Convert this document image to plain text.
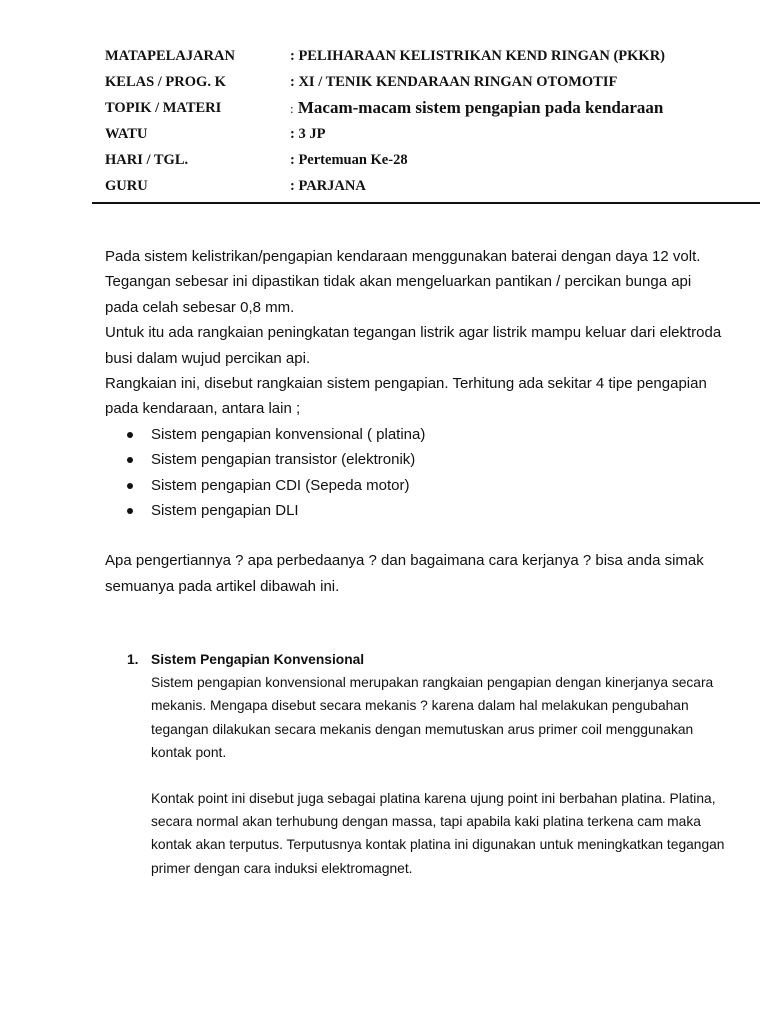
MATAPELAJARAN	: PELIHARAAN KELISTRIKAN KEND RINGAN (PKKR)
KELAS / PROG. K	: XI / TENIK KENDARAAN RINGAN OTOMOTIF
TOPIK / MATERI	: Macam-macam sistem pengapian pada kendaraan
WATU	: 3 JP
HARI / TGL.	: Pertemuan Ke-28
GURU	: PARJANA

Pada sistem kelistrikan/pengapian kendaraan menggunakan baterai dengan daya 12 volt.

Tegangan sebesar ini dipastikan tidak akan mengeluarkan pantikan / percikan bunga api pada celah sebesar 0,8 mm.

Untuk itu ada rangkaian peningkatan tegangan listrik agar listrik mampu keluar dari elektroda busi dalam wujud percikan api.

Rangkaian ini, disebut rangkaian sistem pengapian. Terhitung ada sekitar 4 tipe pengapian pada kendaraan, antara lain ;

Sistem pengapian konvensional ( platina)
Sistem pengapian transistor (elektronik)
Sistem pengapian CDI (Sepeda motor)
Sistem pengapian DLI

Apa pengertiannya ? apa perbedaanya ? dan bagaimana cara kerjanya ? bisa anda simak semuanya pada artikel dibawah ini.

1. Sistem Pengapian Konvensional

Sistem pengapian konvensional merupakan rangkaian pengapian dengan kinerjanya secara mekanis. Mengapa disebut secara mekanis ? karena dalam hal melakukan pengubahan tegangan dilakukan secara mekanis dengan memutuskan arus primer coil menggunakan kontak pont.

Kontak point ini disebut juga sebagai platina karena ujung point ini berbahan platina. Platina, secara normal akan terhubung dengan massa, tapi apabila kaki platina terkena cam maka kontak akan terputus. Terputusnya kontak platina ini digunakan untuk meningkatkan tegangan primer dengan cara induksi elektromagnet.
